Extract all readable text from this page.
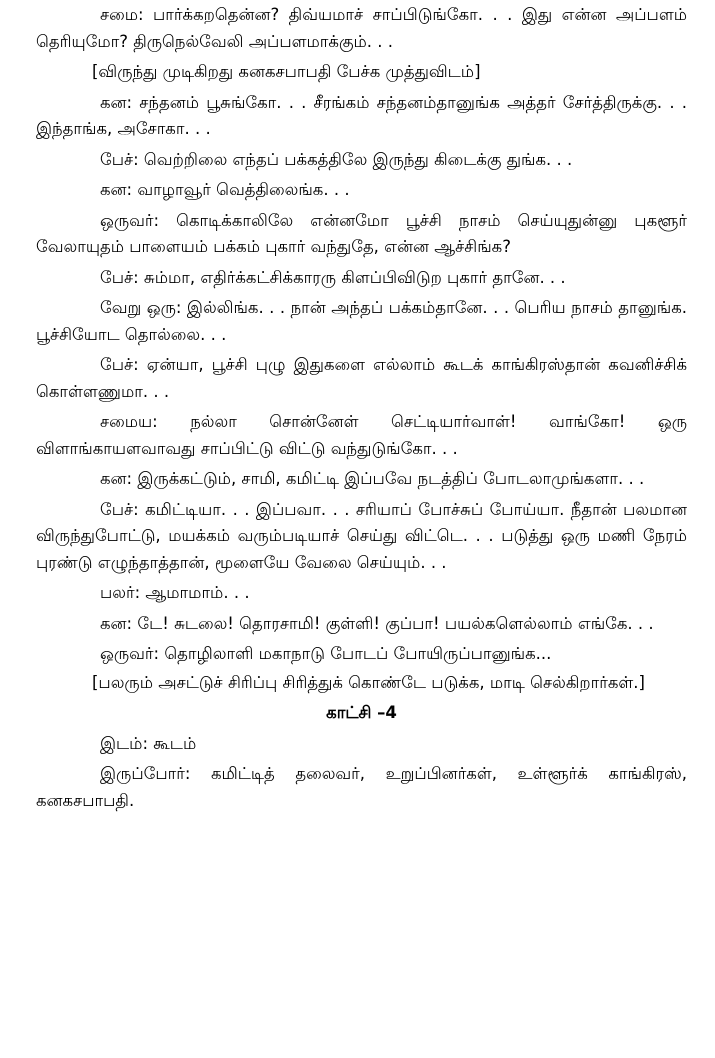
சமை: பார்க்கறதென்ன? திவ்யமாச் சாப்பிடுங்கோ. . . இது என்ன அப்பளம் தெரியுமோ? திருநெல்வேலி அப்பளமாக்கும். . .

[விருந்து முடிகிறது கனகசபாபதி பேச்க முத்துவிடம்]

கன: சந்தனம் பூசுங்கோ. . . சீரங்கம் சந்தனம்தானுங்க அத்தர் சேர்த்திருக்கு. . . இந்தாங்க, அசோகா. . .

பேச்: வெற்றிலை எந்தப் பக்கத்திலே இருந்து கிடைக்கு துங்க. . .

கன: வாழாவூர் வெத்திலைங்க. . .

ஒருவர்: கொடிக்காலிலே என்னமோ பூச்சி நாசம் செய்யுதுன்னு புகளூர் வேலாயுதம் பாளையம் பக்கம் புகார் வந்துதே, என்ன ஆச்சிங்க?

பேச்: சும்மா, எதிர்க்கட்சிக்காரரு கிளப்பிவிடுற புகார் தானே. . .

வேறு ஒரு: இல்லிங்க. . . நான் அந்தப் பக்கம்தானே. . . பெரிய நாசம் தானுங்க. பூச்சியோட தொல்லை. . .

பேச்: ஏன்யா, பூச்சி புழு இதுகளை எல்லாம் கூடக் காங்கிரஸ்தான் கவனிச்சிக் கொள்ளணுமா. . .

சமைய: நல்லா சொன்னேள் செட்டியார்வாள்! வாங்கோ! ஒரு விளாங்காயளவாவது சாப்பிட்டு விட்டு வந்துடுங்கோ. . .

கன: இருக்கட்டும், சாமி, கமிட்டி இப்பவே நடத்திப் போடலாமுங்களா. . .

பேச்: கமிட்டியா. . . இப்பவா. . . சரியாப் போச்சுப் போய்யா. நீதான் பலமான விருந்துபோட்டு, மயக்கம் வரும்படியாச் செய்து விட்டெ. . . படுத்து ஒரு மணி நேரம் புரண்டு எழுந்தாத்தான், மூளையே வேலை செய்யும். . .

பலர்: ஆமாமாம். . .

கன: டே! சுடலை! தொரசாமி! குள்ளி! குப்பா! பயல்களெல்லாம் எங்கே. . .

ஒருவர்: தொழிலாளி மகாநாடு போடப் போயிருப்பானுங்க...

[பலரும் அசட்டுச் சிரிப்பு சிரித்துக் கொண்டே படுக்க, மாடி செல்கிறார்கள்.]

காட்சி –4

இடம்: கூடம்

இருப்போர்: கமிட்டித் தலைவர், உறுப்பினர்கள், உள்ளூர்க் காங்கிரஸ், கனகசபாபதி.
